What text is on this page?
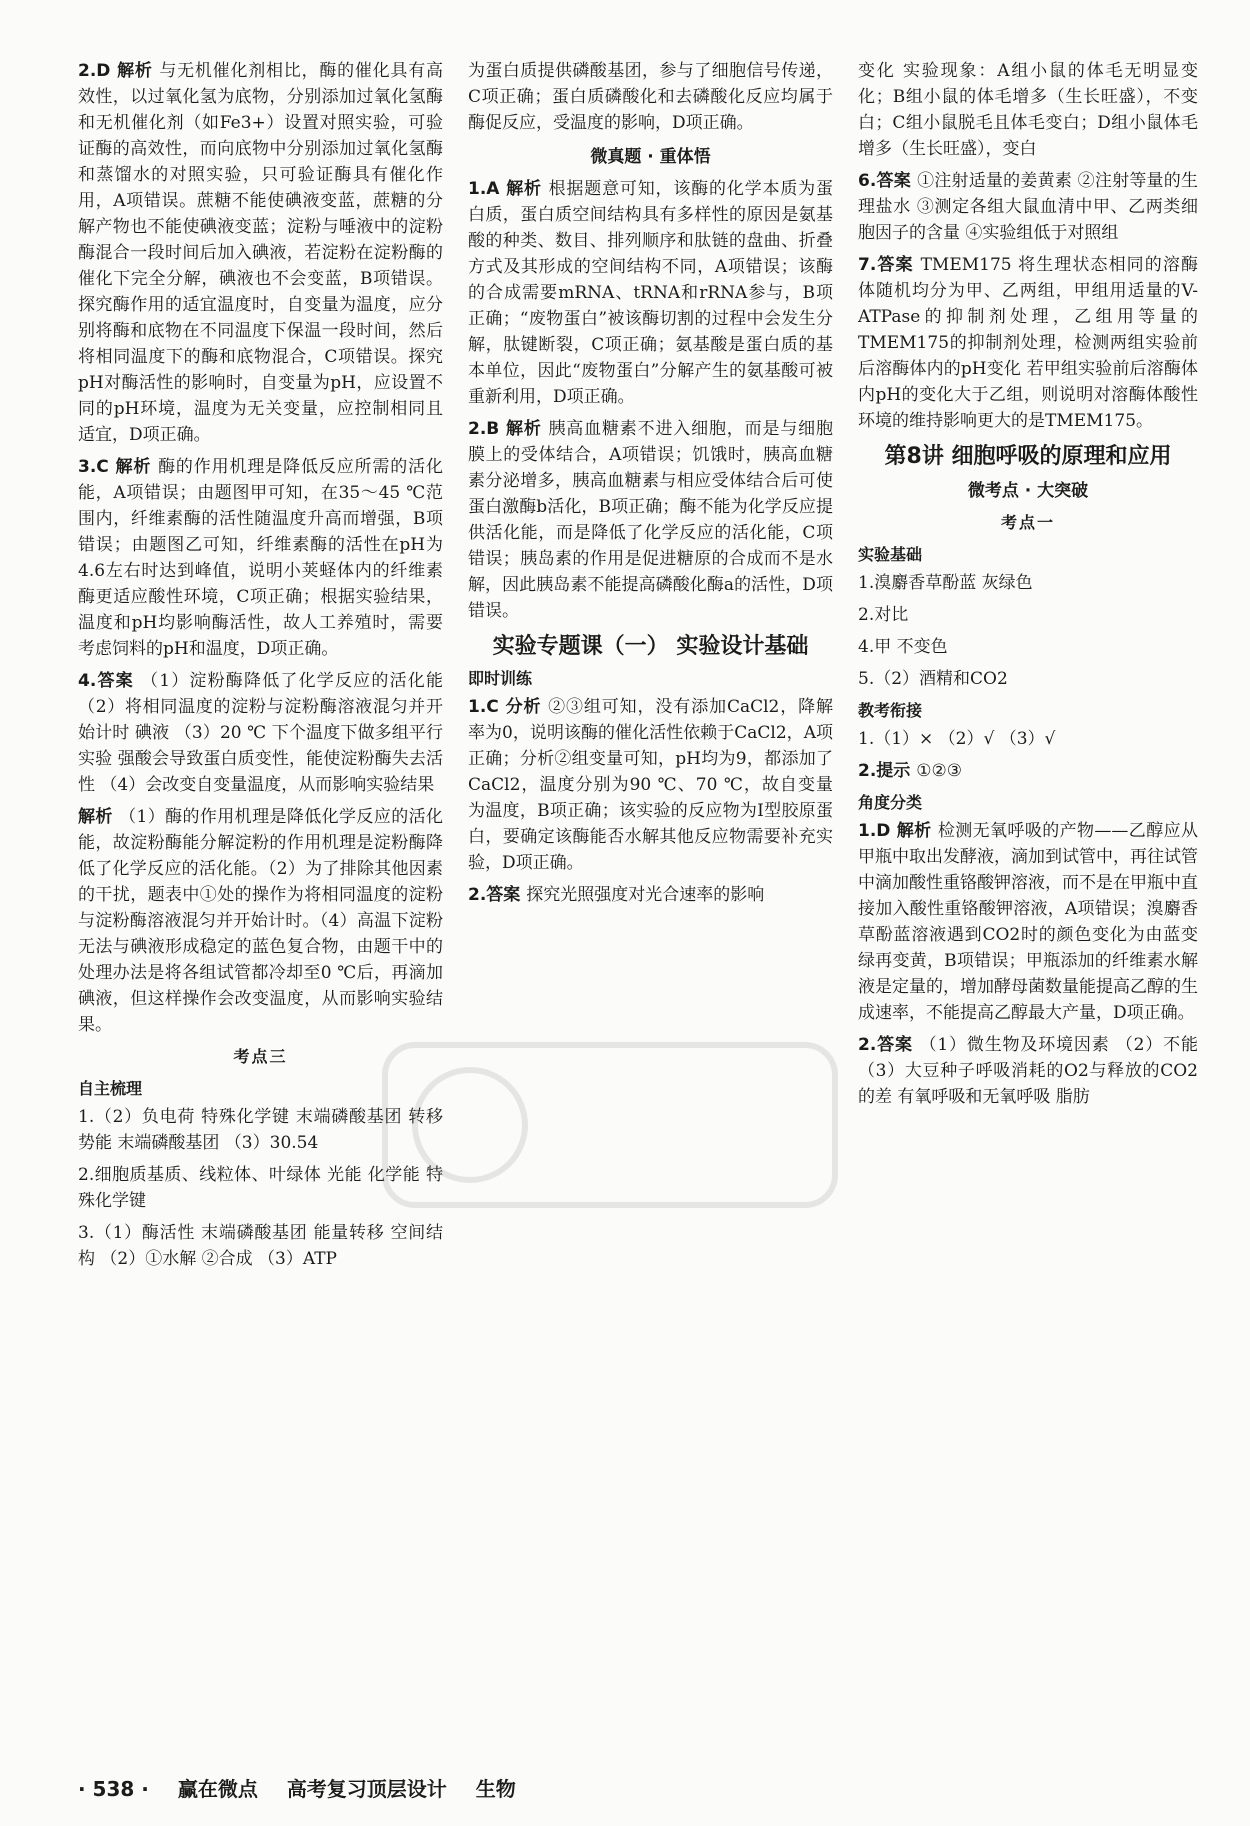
2.D 解析 与无机催化剂相比，酶的催化具有高效性，以过氧化氢为底物，分别添加过氧化氢酶和无机催化剂（如Fe3+）设置对照实验，可验证酶的高效性，而向底物中分别添加过氧化氢酶和蒸馏水的对照实验，只可验证酶具有催化作用，A项错误。蔗糖不能使碘液变蓝，蔗糖的分解产物也不能使碘液变蓝；淀粉与唾液中的淀粉酶混合一段时间后加入碘液，若淀粉在淀粉酶的催化下完全分解，碘液也不会变蓝，B项错误。探究酶作用的适宜温度时，自变量为温度，应分别将酶和底物在不同温度下保温一段时间，然后将相同温度下的酶和底物混合，C项错误。探究pH对酶活性的影响时，自变量为pH，应设置不同的pH环境，温度为无关变量，应控制相同且适宜，D项正确。

3.C 解析 酶的作用机理是降低反应所需的活化能，A项错误；由题图甲可知，在35～45 ℃范围内，纤维素酶的活性随温度升高而增强，B项错误；由题图乙可知，纤维素酶的活性在pH为4.6左右时达到峰值，说明小荚蛏体内的纤维素酶更适应酸性环境，C项正确；根据实验结果，温度和pH均影响酶活性，故人工养殖时，需要考虑饲料的pH和温度，D项正确。

4.答案 （1）淀粉酶降低了化学反应的活化能 （2）将相同温度的淀粉与淀粉酶溶液混匀并开始计时 碘液 （3）20 ℃ 下个温度下做多组平行实验 强酸会导致蛋白质变性，能使淀粉酶失去活性 （4）会改变自变量温度，从而影响实验结果

解析 （1）酶的作用机理是降低化学反应的活化能，故淀粉酶能分解淀粉的作用机理是淀粉酶降低了化学反应的活化能。（2）为了排除其他因素的干扰，题表中①处的操作为将相同温度的淀粉与淀粉酶溶液混匀并开始计时。（4）高温下淀粉无法与碘液形成稳定的蓝色复合物，由题干中的处理办法是将各组试管都冷却至0 ℃后，再滴加碘液，但这样操作会改变温度，从而影响实验结果。

考点三
自主梳理

1.（2）负电荷 特殊化学键 末端磷酸基团 转移势能 末端磷酸基团 （3）30.54

2.细胞质基质、线粒体、叶绿体 光能 化学能 特殊化学键

3.（1）酶活性 末端磷酸基团 能量转移 空间结构 （2）①水解 ②合成 （3）ATP

为蛋白质提供磷酸基团，参与了细胞信号传递，C项正确；蛋白质磷酸化和去磷酸化反应均属于酶促反应，受温度的影响，D项正确。

微真题 · 重体悟

1.A 解析 根据题意可知，该酶的化学本质为蛋白质，蛋白质空间结构具有多样性的原因是氨基酸的种类、数目、排列顺序和肽链的盘曲、折叠方式及其形成的空间结构不同，A项错误；该酶的合成需要mRNA、tRNA和rRNA参与，B项正确；“废物蛋白”被该酶切割的过程中会发生分解，肽键断裂，C项正确；氨基酸是蛋白质的基本单位，因此“废物蛋白”分解产生的氨基酸可被重新利用，D项正确。

2.B 解析 胰高血糖素不进入细胞，而是与细胞膜上的受体结合，A项错误；饥饿时，胰高血糖素分泌增多，胰高血糖素与相应受体结合后可使蛋白激酶b活化，B项正确；酶不能为化学反应提供活化能，而是降低了化学反应的活化能，C项错误；胰岛素的作用是促进糖原的合成而不是水解，因此胰岛素不能提高磷酸化酶a的活性，D项错误。

实验专题课（一） 实验设计基础
即时训练

1.C 分析 ②③组可知，没有添加CaCl2，降解率为0，说明该酶的催化活性依赖于CaCl2，A项正确；分析②组变量可知，pH均为9，都添加了CaCl2，温度分别为90 ℃、70 ℃，故自变量为温度，B项正确；该实验的反应物为Ⅰ型胶原蛋白，要确定该酶能否水解其他反应物需要补充实验，D项正确。

2.答案 探究光照强度对光合速率的影响

变化 实验现象：A组小鼠的体毛无明显变化；B组小鼠的体毛增多（生长旺盛），不变白；C组小鼠脱毛且体毛变白；D组小鼠体毛增多（生长旺盛），变白

6.答案 ①注射适量的姜黄素 ②注射等量的生理盐水 ③测定各组大鼠血清中甲、乙两类细胞因子的含量 ④实验组低于对照组

7.答案 TMEM175 将生理状态相同的溶酶体随机均分为甲、乙两组，甲组用适量的V-ATPase的抑制剂处理，乙组用等量的TMEM175的抑制剂处理，检测两组实验前后溶酶体内的pH变化 若甲组实验前后溶酶体内pH的变化大于乙组，则说明对溶酶体酸性环境的维持影响更大的是TMEM175。

第8讲 细胞呼吸的原理和应用
微考点 · 大突破
考点一
实验基础

1.溴麝香草酚蓝 灰绿色

2.对比

4.甲 不变色

5.（2）酒精和CO2

教考衔接

1.（1）× （2）√ （3）√

2.提示 ①②③

角度分类

1.D 解析 检测无氧呼吸的产物——乙醇应从甲瓶中取出发酵液，滴加到试管中，再往试管中滴加酸性重铬酸钾溶液，而不是在甲瓶中直接加入酸性重铬酸钾溶液，A项错误；溴麝香草酚蓝溶液遇到CO2时的颜色变化为由蓝变绿再变黄，B项错误；甲瓶添加的纤维素水解液是定量的，增加酵母菌数量能提高乙醇的生成速率，不能提高乙醇最大产量，D项正确。

2.答案 （1）微生物及环境因素 （2）不能 （3）大豆种子呼吸消耗的O2与释放的CO2的差 有氧呼吸和无氧呼吸 脂肪

· 538 · 赢在微点 高考复习顶层设计 生物
